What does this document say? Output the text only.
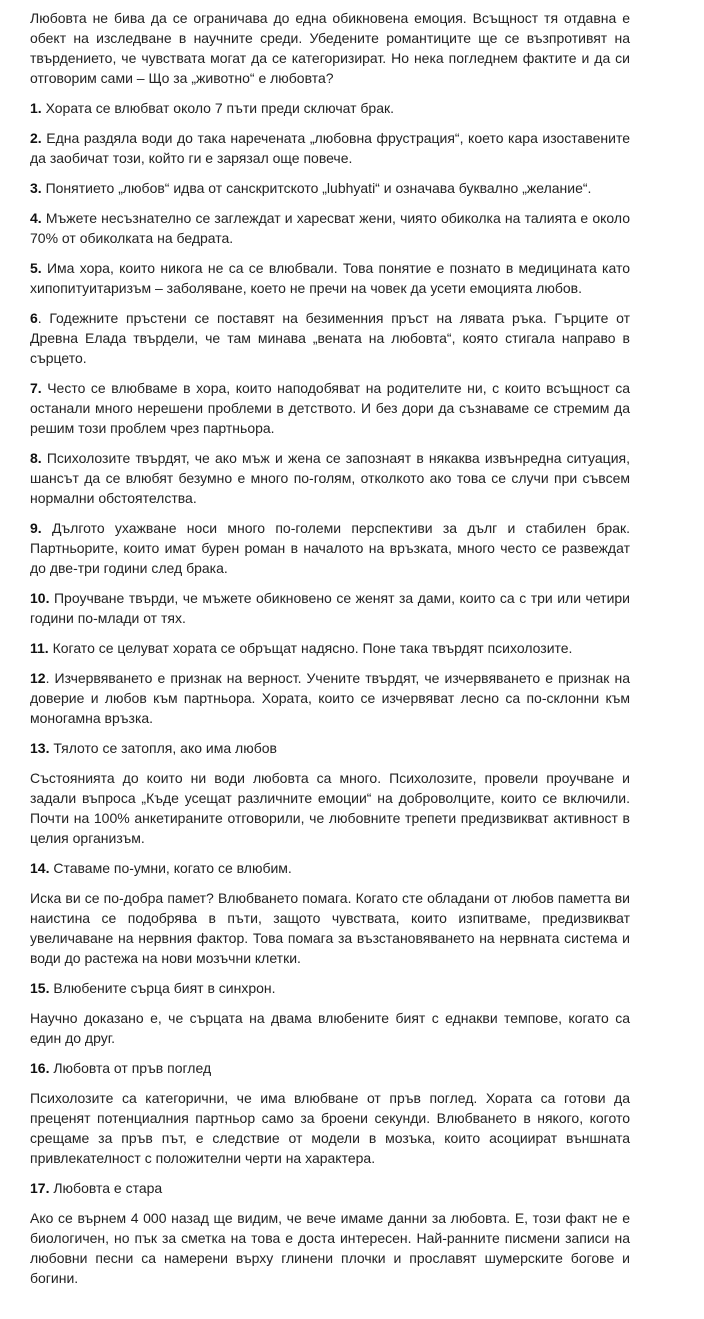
Любовта не бива да се ограничава до една обикновена емоция. Всъщност тя отдавна е обект на изследване в научните среди. Убедените романтиците ще се възпротивят на твърдението, че чувствата могат да се категоризират. Но нека погледнем фактите и да си отговорим сами – Що за „животно“ е любовта?

1. Хората се влюбват около 7 пъти преди сключат брак.

2. Една раздяла води до така наречената „любовна фрустрация“, което кара изоставените да заобичат този, който ги е зарязал още повече.

3. Понятието „любов“ идва от санскритското „lubhyati“ и означава буквално „желание“.

4. Мъжете несъзнателно се заглеждат и харесват жени, чиято обиколка на талията е около 70% от обиколката на бедрата.

5. Има хора, които никога не са се влюбвали. Това понятие е познато в медицината като хипопитуитаризъм – заболяване, което не пречи на човек да усети емоцията любов.

6. Годежните пръстени се поставят на безименния пръст на лявата ръка. Гърците от Древна Елада твърдели, че там минава „вената на любовта“, която стигала направо в сърцето.

7. Често се влюбваме в хора, които наподобяват на родителите ни, с които всъщност са останали много нерешени проблеми в детството. И без дори да съзнаваме се стремим да решим този проблем чрез партньора.

8. Психолозите твърдят, че ако мъж и жена се запознаят в някаква извънредна ситуация, шансът да се влюбят безумно е много по-голям, отколкото ако това се случи при съвсем нормални обстоятелства.

9. Дългото ухажване носи много по-големи перспективи за дълг и стабилен брак. Партньорите, които имат бурен роман в началото на връзката, много често се развеждат до две-три години след брака.

10. Проучване твърди, че мъжете обикновено се женят за дами, които са с три или четири години по-млади от тях.

11. Когато се целуват хората се обръщат надясно. Поне така твърдят психолозите.

12. Изчервяването е признак на верност. Учените твърдят, че изчервяването е признак на доверие и любов към партньора. Хората, които се изчервяват лесно са по-склонни към моногамна връзка.

13. Тялото се затопля, ако има любов

Състоянията до които ни води любовта са много. Психолозите, провели проучване и задали въпроса „Къде усещат различните емоции“ на доброволците, които се включили. Почти на 100% анкетираните отговорили, че любовните трепети предизвикват активност в целия организъм.

14. Ставаме по-умни, когато се влюбим.

Иска ви се по-добра памет? Влюбването помага. Когато сте обладани от любов паметта ви наистина се подобрява в пъти, защото чувствата, които изпитваме, предизвикват увеличаване на нервния фактор. Това помага за възстановяването на нервната система и води до растежа на нови мозъчни клетки.

15. Влюбените сърца бият в синхрон.

Научно доказано е, че сърцата на двама влюбените бият с еднакви темпове, когато са един до друг.

16. Любовта от пръв поглед

Психолозите са категорични, че има влюбване от пръв поглед. Хората са готови да преценят потенциалния партньор само за броени секунди. Влюбването в някого, когото срещаме за пръв път, е следствие от модели в мозъка, които асоциират външната привлекателност с положителни черти на характера.

17. Любовта е стара

Ако се върнем 4 000 назад ще видим, че вече имаме данни за любовта. Е, този факт не е биологичен, но пък за сметка на това е доста интересен. Най-ранните писмени записи на любовни песни са намерени върху глинени плочки и прославят шумерските богове и богини.
